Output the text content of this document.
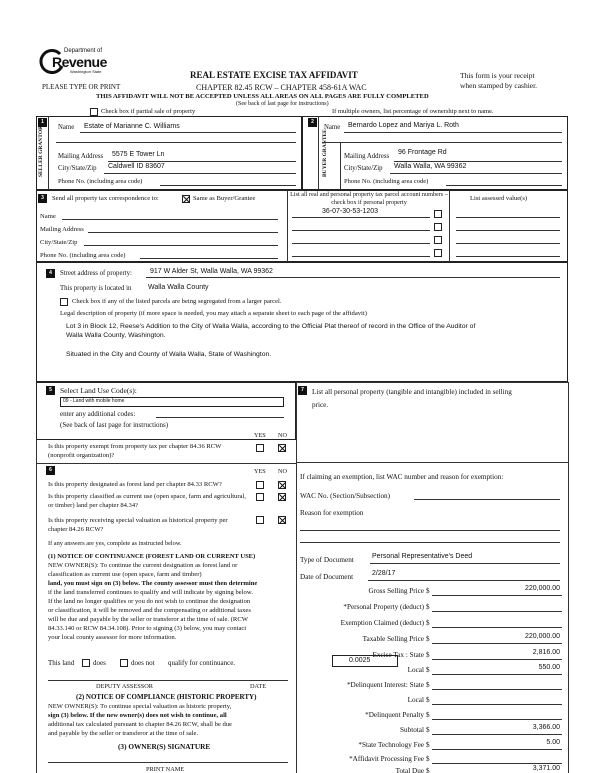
Department of
Revenue
Washington State
PLEASE TYPE OR PRINT
REAL ESTATE EXCISE TAX AFFIDAVIT
CHAPTER 82.45 RCW – CHAPTER 458-61A WAC
This form is your receipt
when stamped by cashier.
THIS AFFIDAVIT WILL NOT BE ACCEPTED UNLESS ALL AREAS ON ALL PAGES ARE FULLY COMPLETED
(See back of last page for instructions)
Check box if partial sale of property	If multiple owners, list percentage of ownership next to name.
1
SELLER GRANTOR Name Estate of Marianne C. Williams
Mailing Address 5575 E Tower Ln
City/State/Zip Caldwell ID 83607
Phone No. (including area code)
2
BUYER GRANTEE
Name Bernardo Lopez and Mariya L. Roth
Mailing Address
96 Frontage Rd
City/State/Zip Walla Walla, WA 99362
Phone No. (including area code)
3	Send all property tax correspondence to:	Same as Buyer/Grantee
Name
Mailing Address
City/State/Zip
Phone No. (including area code)
List all real and personal property tax parcel account numbers – check box if personal property	List assessed value(s)
36-07-30-53-1203
4	Street address of property:	917 W Alder St, Walla Walla, WA 99362
This property is located in Walla Walla County
Check box if any of the listed parcels are being segregated from a larger parcel.
Legal description of property (if more space is needed, you may attach a separate sheet to each page of the affidavit)
Lot 3 in Block 12, Reese's Addition to the City of Walla Walla, according to the Official Plat thereof of record in the Office of the Auditor of
Walla Walla County, Washington.
Situated in the City and County of Walla Walla, State of Washington.
5	Select Land Use Code(s):
09 - Land with mobile home
enter any additional codes:
(See back of last page for instructions)
YES NO
Is this property exempt from property tax per chapter 84.36 RCW (nonprofit organization)?
6	YES NO
Is this property designated as forest land per chapter 84.33 RCW?
Is this property classified as current use (open space, farm and agricultural, or timber) land per chapter 84.34?
Is this property receiving special valuation as historical property per chapter 84.26 RCW?
If any answers are yes, complete as instructed below.
(1) NOTICE OF CONTINUANCE (FOREST LAND OR CURRENT USE)
NEW OWNER(S): To continue the current designation as forest land or
classification as current use (open space, farm and timber)
land, you must sign on (3) below. The county assessor must then determine
if the land transferred continues to qualify and will indicate by signing below.
If the land no longer qualifies or you do not wish to continue the designation
or classification, it will be removed and the compensating or additional taxes
will be due and payable by the seller or transferor at the time of sale. (RCW
84.33.140 or RCW 84.34.108). Prior to signing (3) below, you may contact
your local county assessor for more information.
This land	does	does not qualify for continuance.
DEPUTY ASSESSOR	DATE
(2) NOTICE OF COMPLIANCE (HISTORIC PROPERTY)
NEW OWNER(S): To continue special valuation as historic property,
sign (3) below. If the new owner(s) does not wish to continue, all
additional tax calculated pursuant to chapter 84.26 RCW, shall be due
and payable by the seller or transferor at the time of sale.
(3) OWNER(S) SIGNATURE
PRINT NAME
7	List all personal property (tangible and intangible) included in selling
price.
If claiming an exemption, list WAC number and reason for exemption:
WAC No. (Section/Subsection)
Reason for exemption
Type of Document	Personal Representative's Deed
Date of Document	2/28/17
0.0025
Gross Selling Price $	220,000.00
*Personal Property (deduct) $
Exemption Claimed (deduct) $
Taxable Selling Price $	220,000.00
Excise Tax : State $	2,816.00
Local $	550.00
*Delinquent Interest: State $
Local $
*Delinquent Penalty $
Subtotal $	3,366.00
*State Technology Fee $	5.00
*Affidavit Processing Fee $
Total Due $	3,371.00
